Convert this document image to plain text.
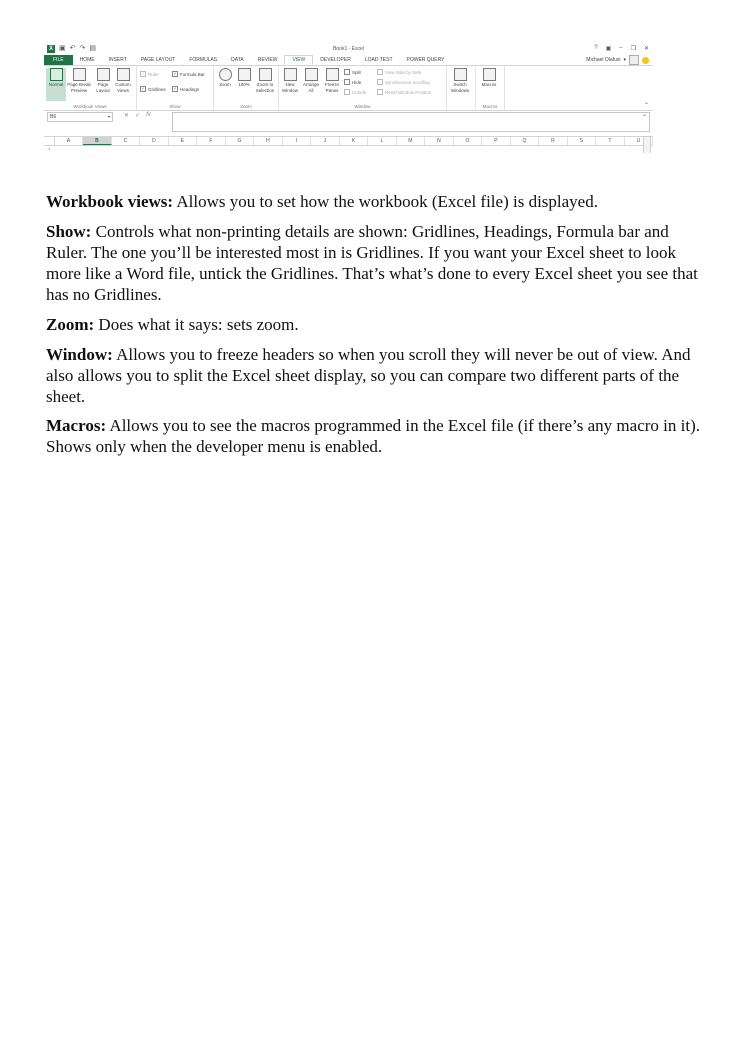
X ▣ ↶ ↷ ▤	Book1 - Excel	? ▣ – ❐ ✕
FILE	HOME	INSERT	PAGE LAYOUT	FORMULAS	DATA	REVIEW	VIEW	DEVELOPER	LOAD TEST	POWER QUERY	Michael Olafusi ▾
Normal Page Break Preview
Page Layout
Custom Views
Workbook Views
✓ Ruler	✓ Formula Bar
✓ Gridlines	✓ Headings
Show
Zoom	100%	Zoom to Selection
Zoom
New Window
Arrange All
Freeze Panes
Split
Hide
Unhide
View Side by Side
Synchronous Scrolling
Reset Window Position
Window
Switch Windows
Macros
Macros	⌃
B6	▾ ✕ ✓ fx	⌃
A	B	C	D	E	F	G	H	I	J	K	L	M	N	O	P	Q	R	S	T	U
1

Workbook views: Allows you to set how the workbook (Excel file) is displayed.

Show: Controls what non-printing details are shown: Gridlines, Headings, Formula bar and Ruler. The one you’ll be interested most in is Gridlines. If you want your Excel sheet to look more like a Word file, untick the Gridlines. That’s what’s done to every Excel sheet you see that has no Gridlines.

Zoom: Does what it says: sets zoom.

Window: Allows you to freeze headers so when you scroll they will never be out of view. And also allows you to split the Excel sheet display, so you can compare two different parts of the sheet.

Macros: Allows you to see the macros programmed in the Excel file (if there’s any macro in it). Shows only when the developer menu is enabled.
